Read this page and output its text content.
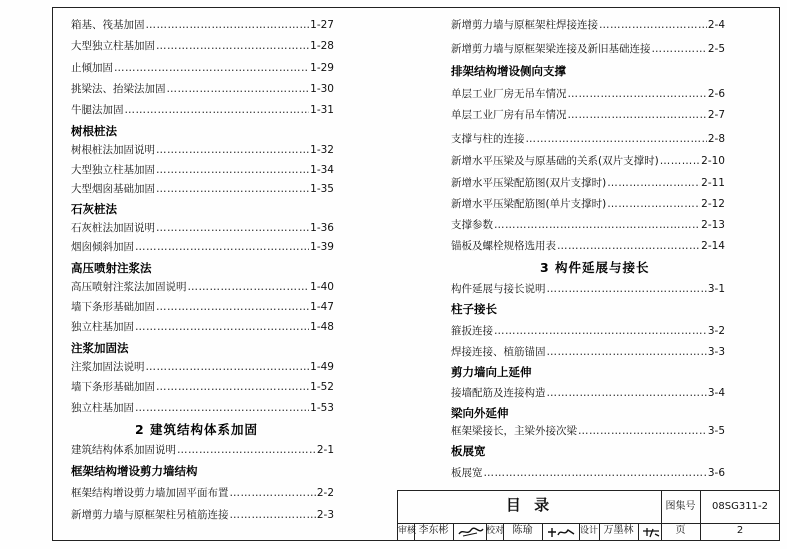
箱基、筏基加固 ……………………………………………………………………………………………………………………………………………………………………	1-27
大型独立柱基加固 ……………………………………………………………………………………………………………………………………………………………………	1-28
止倾加固 ……………………………………………………………………………………………………………………………………………………………………	1-29
挑梁法、抬梁法加固 ……………………………………………………………………………………………………………………………………………………………………	1-30
牛腿法加固 ……………………………………………………………………………………………………………………………………………………………………	1-31
树根桩法
树根桩法加固说明 ……………………………………………………………………………………………………………………………………………………………………	1-32
大型独立柱基加固 ……………………………………………………………………………………………………………………………………………………………………	1-34
大型烟囱基础加固 ……………………………………………………………………………………………………………………………………………………………………	1-35
石灰桩法
石灰桩法加固说明 ……………………………………………………………………………………………………………………………………………………………………	1-36
烟囱倾斜加固 ……………………………………………………………………………………………………………………………………………………………………	1-39
高压喷射注浆法
高压喷射注浆法加固说明 ……………………………………………………………………………………………………………………………………………………………………	1-40
墙下条形基础加固 ……………………………………………………………………………………………………………………………………………………………………	1-47
独立柱基加固 ……………………………………………………………………………………………………………………………………………………………………	1-48
注浆加固法
注浆加固法说明 ……………………………………………………………………………………………………………………………………………………………………	1-49
墙下条形基础加固 ……………………………………………………………………………………………………………………………………………………………………	1-52
独立柱基加固 ……………………………………………………………………………………………………………………………………………………………………	1-53
2 建筑结构体系加固
建筑结构体系加固说明 ……………………………………………………………………………………………………………………………………………………………………	2-1
框架结构增设剪力墙结构
框架结构增设剪力墙加固平面布置 ……………………………………………………………………………………………………………………………………………………………………	2-2
新增剪力墙与原框架柱另植筋连接 ……………………………………………………………………………………………………………………………………………………………………	2-3
新增剪力墙与原框架柱焊接连接 ……………………………………………………………………………………………………………………………………………………………………	2-4
新增剪力墙与原框架梁连接及新旧基础连接 ……………………………………………………………………………………………………………………………………………………………………	2-5
排架结构增设侧向支撑
单层工业厂房无吊车情况 ……………………………………………………………………………………………………………………………………………………………………	2-6
单层工业厂房有吊车情况 ……………………………………………………………………………………………………………………………………………………………………	2-7
支撑与柱的连接 ……………………………………………………………………………………………………………………………………………………………………	2-8
新增水平压梁及与原基础的关系(双片支撑时) ……………………………………………………………………………………………………………………………………………………………………	2-10
新增水平压梁配筋图(双片支撑时) ……………………………………………………………………………………………………………………………………………………………………	2-11
新增水平压梁配筋图(单片支撑时) ……………………………………………………………………………………………………………………………………………………………………	2-12
支撑参数 ……………………………………………………………………………………………………………………………………………………………………	2-13
锚板及螺栓规格选用表 ……………………………………………………………………………………………………………………………………………………………………	2-14
3 构件延展与接长
构件延展与接长说明 ……………………………………………………………………………………………………………………………………………………………………	3-1
柱子接长
箍扳连接 ……………………………………………………………………………………………………………………………………………………………………	3-2
焊接连接、植筋锚固 ……………………………………………………………………………………………………………………………………………………………………	3-3
剪力墙向上延伸
接墙配筋及连接构造 ……………………………………………………………………………………………………………………………………………………………………	3-4
梁向外延伸
框架梁接长，主梁外接次梁 ……………………………………………………………………………………………………………………………………………………………………	3-5
板展宽
板展宽 ……………………………………………………………………………………………………………………………………………………………………	3-6
目 录	图集号	08SG311-2
审核 李东彬	校对 陈瑜	设计 万墨林	页	2
